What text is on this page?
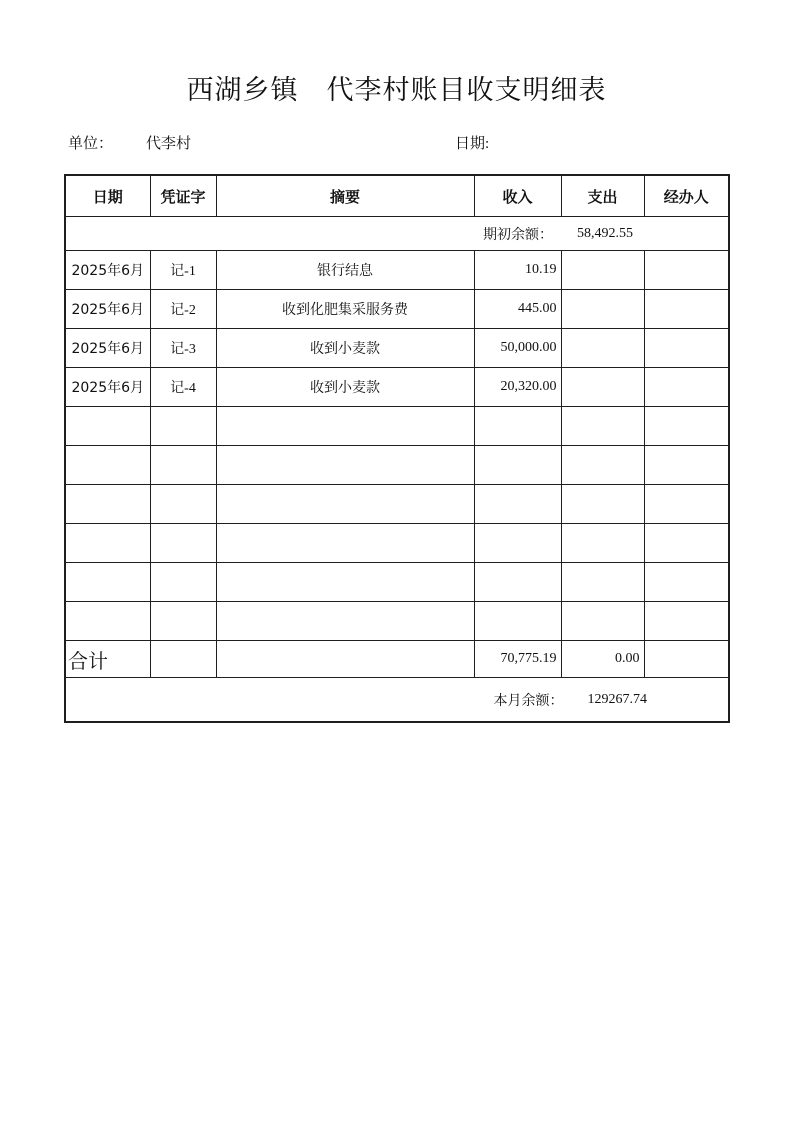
西湖乡镇　代李村账目收支明细表
单位： 代李村	日期:
日期	凭证字	摘要	收入	支出	经办人

期初余额： 58,492.55					

2025年6月	记-1	银行结息	10.19		
2025年6月	记-2	收到化肥集采服务费	445.00		
2025年6月	记-3	收到小麦款	50,000.00		
2025年6月	记-4	收到小麦款	20,320.00		

合计			70,775.19	0.00	

本月余额： 129267.74					
